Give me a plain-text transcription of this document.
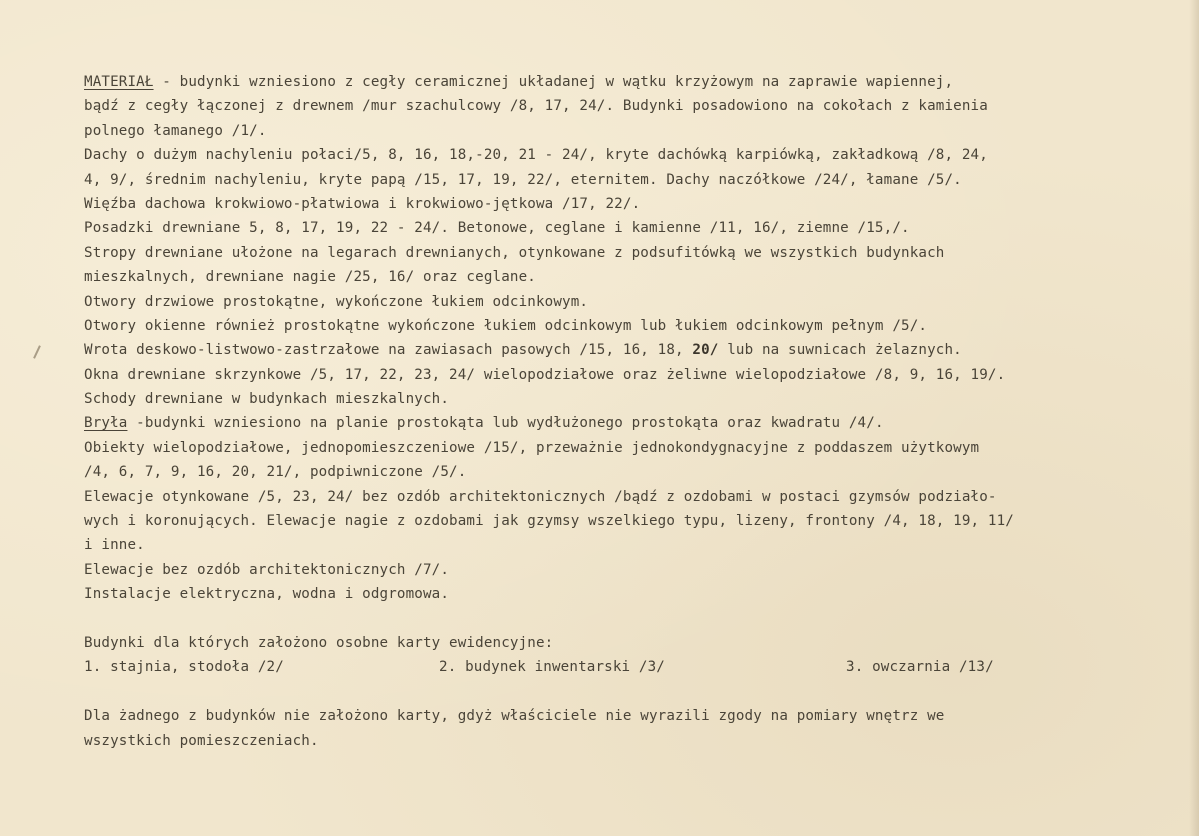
MATERIAŁ - budynki wzniesiono z cegły ceramicznej układanej w wątku krzyżowym na zaprawie wapiennej,
bądź z cegły łączonej z drewnem /mur szachulcowy /8, 17, 24/. Budynki posadowiono na cokołach z kamienia
polnego łamanego /1/.
Dachy o dużym nachyleniu połaci/5, 8, 16, 18,-20, 21 - 24/, kryte dachówką karpiówką, zakładkową /8, 24,
4, 9/, średnim nachyleniu, kryte papą /15, 17, 19, 22/, eternitem. Dachy naczółkowe /24/, łamane /5/.
Więźba dachowa krokwiowo-płatwiowa i krokwiowo-jętkowa /17, 22/.
Posadzki drewniane 5, 8, 17, 19, 22 - 24/. Betonowe, ceglane i kamienne /11, 16/, ziemne /15,/.
Stropy drewniane ułożone na legarach drewnianych, otynkowane z podsufitówką we wszystkich budynkach
mieszkalnych, drewniane nagie /25, 16/ oraz ceglane.
Otwory drzwiowe prostokątne, wykończone łukiem odcinkowym.
Otwory okienne również prostokątne wykończone łukiem odcinkowym lub łukiem odcinkowym pełnym /5/.
Wrota deskowo-listwowo-zastrzałowe na zawiasach pasowych /15, 16, 18, 20/ lub na suwnicach żelaznych.
Okna drewniane skrzynkowe /5, 17, 22, 23, 24/ wielopodziałowe oraz żeliwne wielopodziałowe /8, 9, 16, 19/.
Schody drewniane w budynkach mieszkalnych.
Bryła -budynki wzniesiono na planie prostokąta lub wydłużonego prostokąta oraz kwadratu /4/.
Obiekty wielopodziałowe, jednopomieszczeniowe /15/, przeważnie jednokondygnacyjne z poddaszem użytkowym
/4, 6, 7, 9, 16, 20, 21/, podpiwniczone /5/.
Elewacje otynkowane /5, 23, 24/ bez ozdób architektonicznych /bądź z ozdobami w postaci gzymsów podziało-
wych i koronujących. Elewacje nagie z ozdobami jak gzymsy wszelkiego typu, lizeny, frontony /4, 18, 19, 11/
i inne.
Elewacje bez ozdób architektonicznych /7/.
Instalacje elektryczna, wodna i odgromowa.
Budynki dla których założono osobne karty ewidencyjne:
1. stajnia, stodoła /2/	2. budynek inwentarski /3/	3. owczarnia /13/
Dla żadnego z budynków nie założono karty, gdyż właściciele nie wyrazili zgody na pomiary wnętrz we
wszystkich pomieszczeniach.
